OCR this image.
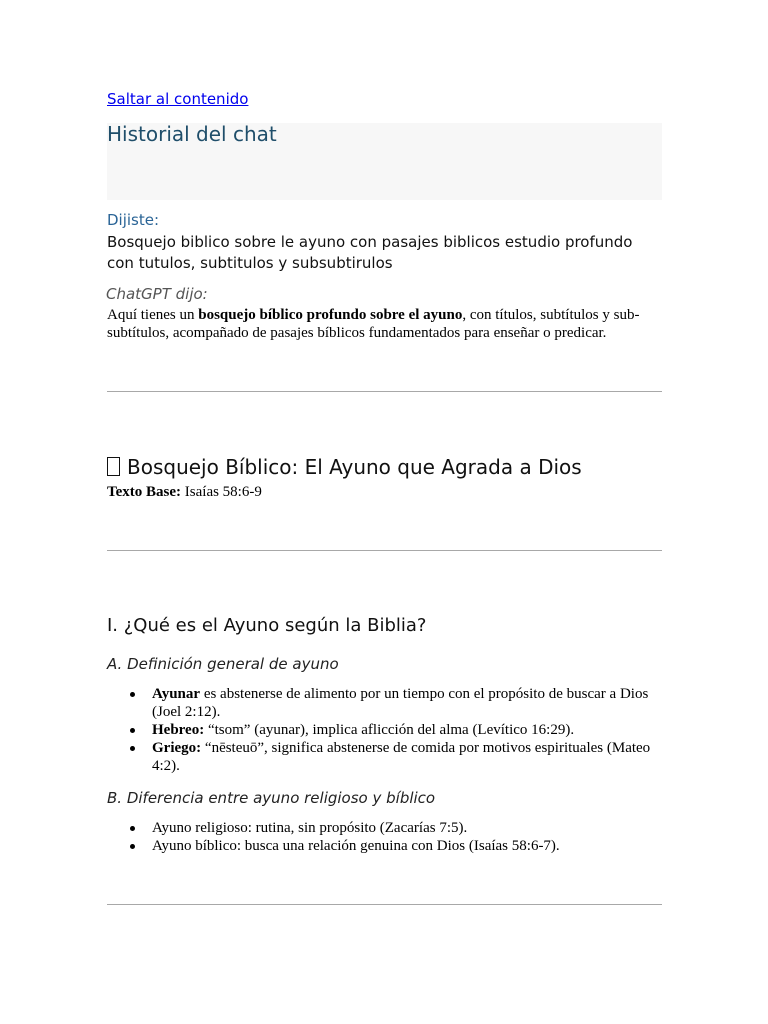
Saltar al contenido
Historial del chat
Dijiste:
Bosquejo biblico sobre le ayuno con pasajes biblicos estudio profundo con tutulos, subtitulos y subsubtirulos
ChatGPT dijo:

Aquí tienes un bosquejo bíblico profundo sobre el ayuno, con títulos, subtítulos y sub-subtítulos, acompañado de pasajes bíblicos fundamentados para enseñar o predicar.

Bosquejo Bíblico: El Ayuno que Agrada a Dios

Texto Base: Isaías 58:6-9

I. ¿Qué es el Ayuno según la Biblia?
A. Definición general de ayuno
Ayunar es abstenerse de alimento por un tiempo con el propósito de buscar a Dios (Joel 2:12).
Hebreo: “tsom” (ayunar), implica aflicción del alma (Levítico 16:29).
Griego: “nēsteuō”, significa abstenerse de comida por motivos espirituales (Mateo 4:2).
B. Diferencia entre ayuno religioso y bíblico
Ayuno religioso: rutina, sin propósito (Zacarías 7:5).
Ayuno bíblico: busca una relación genuina con Dios (Isaías 58:6-7).
